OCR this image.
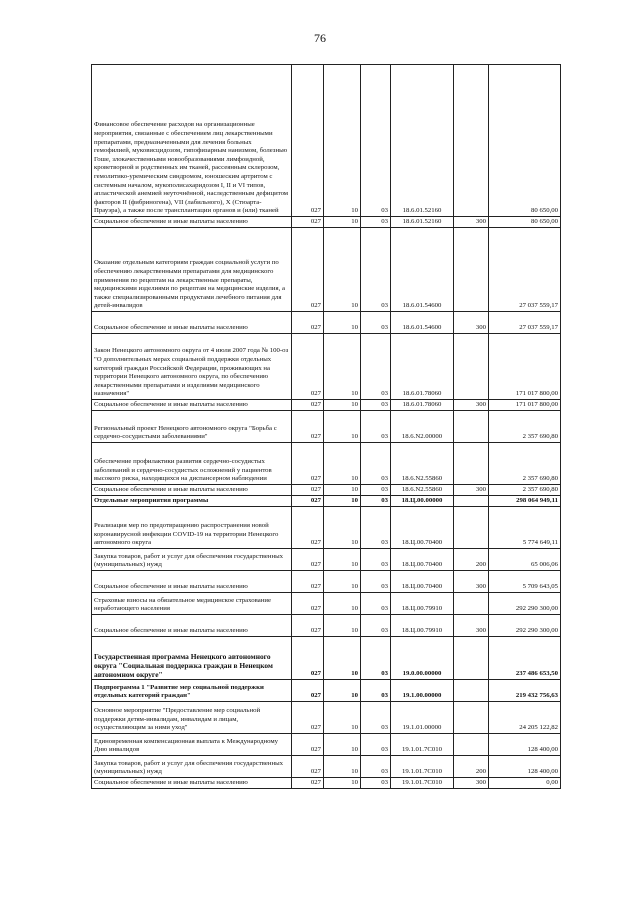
76
Финансовое обеспечение расходов на организационные мероприятия, связанные с обеспечением лиц лекарственными препаратами, предназначенными для лечения больных гемофилией, муковисцидозом, гипофизарным нанизмом, болезнью Гоше, злокачественными новообразованиями лимфоидной, кроветворной и родственных им тканей, рассеянным склерозом, гемолитико-уремическим синдромом, юношеским артритом с системным началом, мукополисахаридозом I, II и VI типов, апластической анемией неуточнённой, наследственным дефицитом факторов II (фибриногена), VII (лабильного), X (Стюарта-Прауэра), а также после трансплантации органов и (или) тканей	027	10	03	18.6.01.52160		80 650,00
Социальное обеспечение и иные выплаты населению	027	10	03	18.6.01.52160	300	80 650,00
Оказание отдельным категориям граждан социальной услуги по обеспечению лекарственными препаратами для медицинского применения по рецептам на лекарственные препараты, медицинскими изделиями по рецептам на медицинские изделия, а также специализированными продуктами лечебного питания для детей-инвалидов	027	10	03	18.6.01.54600		27 037 559,17
Социальное обеспечение и иные выплаты населению	027	10	03	18.6.01.54600	300	27 037 559,17
Закон Ненецкого автономного округа от 4 июля 2007 года № 100-оз "О дополнительных мерах социальной поддержки отдельных категорий граждан Российской Федерации, проживающих на территории Ненецкого автономного округа, по обеспечению лекарственными препаратами и изделиями медицинского назначения"	027	10	03	18.6.01.78060		171 017 800,00
Социальное обеспечение и иные выплаты населению	027	10	03	18.6.01.78060	300	171 017 800,00
Региональный проект Ненецкого автономного округа "Борьба с сердечно-сосудистыми заболеваниями"	027	10	03	18.6.N2.00000		2 357 690,80
Обеспечение профилактики развития сердечно-сосудистых заболеваний и сердечно-сосудистых осложнений у пациентов высокого риска, находящихся на диспансерном наблюдении	027	10	03	18.6.N2.55860		2 357 690,80
Социальное обеспечение и иные выплаты населению	027	10	03	18.6.N2.55860	300	2 357 690,80
Отдельные мероприятия программы	027	10	03	18.Ц.00.00000		298 064 949,11
Реализация мер по предотвращению распространения новой коронавирусной инфекции COVID-19 на территории Ненецкого автономного округа	027	10	03	18.Ц.00.70400		5 774 649,11
Закупка товаров, работ и услуг для обеспечения государственных (муниципальных) нужд	027	10	03	18.Ц.00.70400	200	65 006,06
Социальное обеспечение и иные выплаты населению	027	10	03	18.Ц.00.70400	300	5 709 643,05
Страховые взносы на обязательное медицинское страхование неработающего населения	027	10	03	18.Ц.00.79910		292 290 300,00
Социальное обеспечение и иные выплаты населению	027	10	03	18.Ц.00.79910	300	292 290 300,00
Государственная программа Ненецкого автономного округа "Социальная поддержка граждан в Ненецком автономном округе"	027	10	03	19.0.00.00000		237 486 653,50
Подпрограмма 1 "Развитие мер социальной поддержки отдельных категорий граждан"	027	10	03	19.1.00.00000		219 432 756,63
Основное мероприятие "Предоставление мер социальной поддержки детям-инвалидам, инвалидам и лицам, осуществляющим за ними уход"	027	10	03	19.1.01.00000		24 205 122,82
Единовременная компенсационная выплата к Международному Дню инвалидов	027	10	03	19.1.01.7С010		128 400,00
Закупка товаров, работ и услуг для обеспечения государственных (муниципальных) нужд	027	10	03	19.1.01.7С010	200	128 400,00
Социальное обеспечение и иные выплаты населению	027	10	03	19.1.01.7С010	300	0,00
